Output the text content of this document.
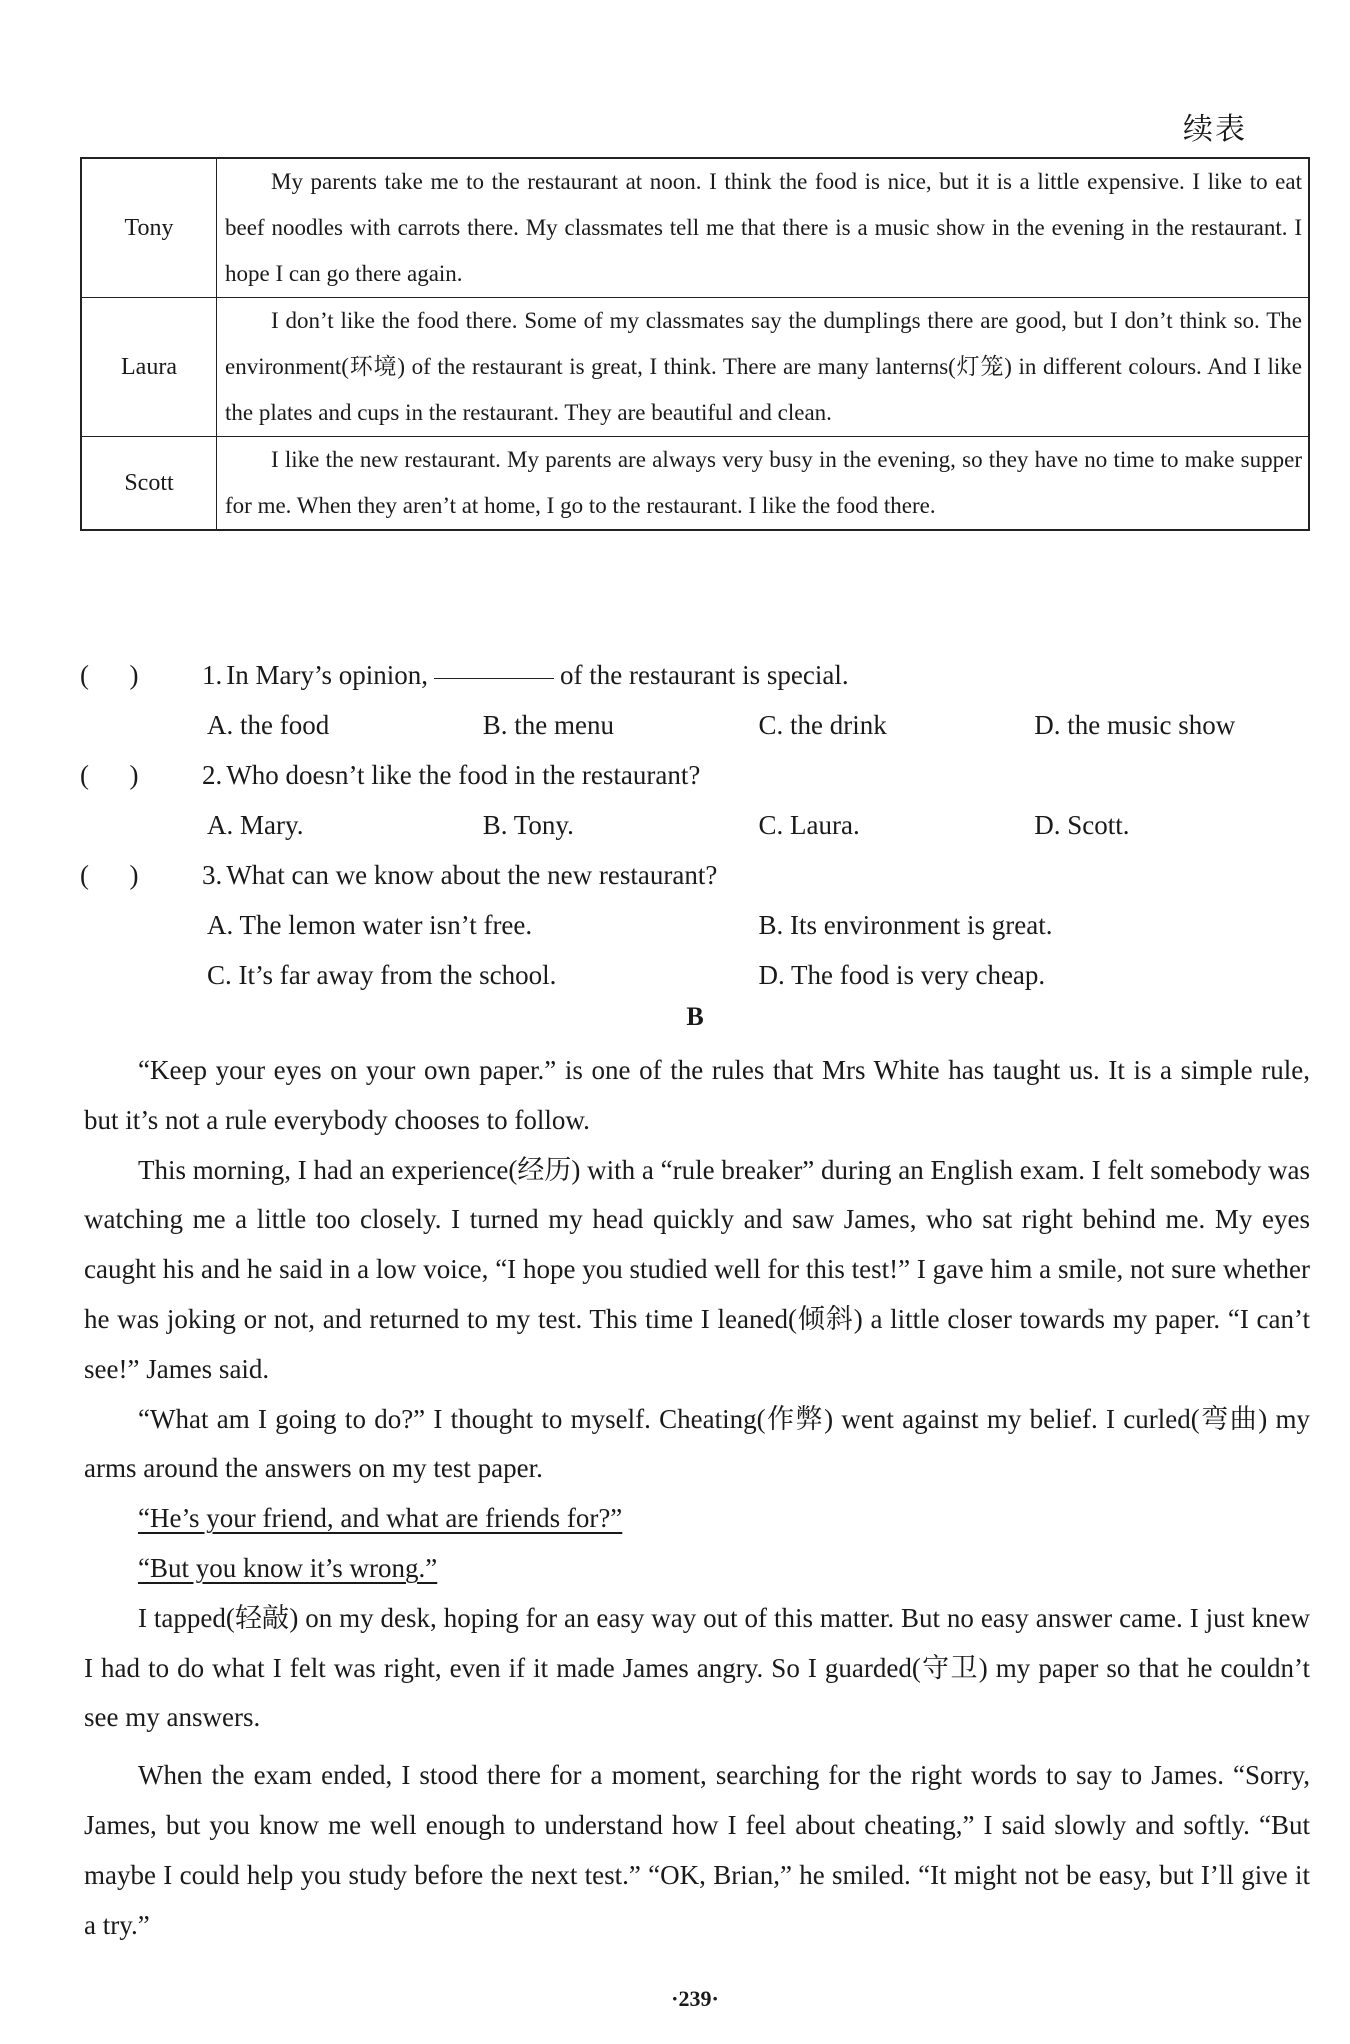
续表
Tony	My parents take me to the restaurant at noon. I think the food is nice, but it is a little expensive. I like to eat beef noodles with carrots there. My classmates tell me that there is a music show in the evening in the restaurant. I hope I can go there again.

Laura	I don’t like the food there. Some of my classmates say the dumplings there are good, but I don’t think so. The environment(环境) of the restaurant is great, I think. There are many lanterns(灯笼) in different colours. And I like the plates and cups in the restaurant. They are beautiful and clean.

Scott	I like the new restaurant. My parents are always very busy in the evening, so they have no time to make supper for me. When they aren’t at home, I go to the restaurant. I like the food there.

(      )	1. In Mary’s opinion,	of the restaurant is special.
A. the food	B. the menu	C. the drink	D. the music show
(      )	2. Who doesn’t like the food in the restaurant?
A. Mary.	B. Tony.	C. Laura.	D. Scott.
(      )	3. What can we know about the new restaurant?
A. The lemon water isn’t free.	B. Its environment is great.
C. It’s far away from the school.	D. The food is very cheap.
B

“Keep your eyes on your own paper.” is one of the rules that Mrs White has taught us. It is a simple rule, but it’s not a rule everybody chooses to follow.

This morning, I had an experience(经历) with a “rule breaker” during an English exam. I felt somebody was watching me a little too closely. I turned my head quickly and saw James, who sat right behind me. My eyes caught his and he said in a low voice, “I hope you studied well for this test!” I gave him a smile, not sure whether he was joking or not, and returned to my test. This time I leaned(倾斜) a little closer towards my paper. “I can’t see!” James said.

“What am I going to do?” I thought to myself. Cheating(作弊) went against my belief. I curled(弯曲) my arms around the answers on my test paper.

“He’s your friend, and what are friends for?”

“But you know it’s wrong.”

I tapped(轻敲) on my desk, hoping for an easy way out of this matter. But no easy answer came. I just knew I had to do what I felt was right, even if it made James angry. So I guarded(守卫) my paper so that he couldn’t see my answers.

When the exam ended, I stood there for a moment, searching for the right words to say to James. “Sorry, James, but you know me well enough to understand how I feel about cheating,” I said slowly and softly. “But maybe I could help you study before the next test.” “OK, Brian,” he smiled. “It might not be easy, but I’ll give it a try.”

·239·
